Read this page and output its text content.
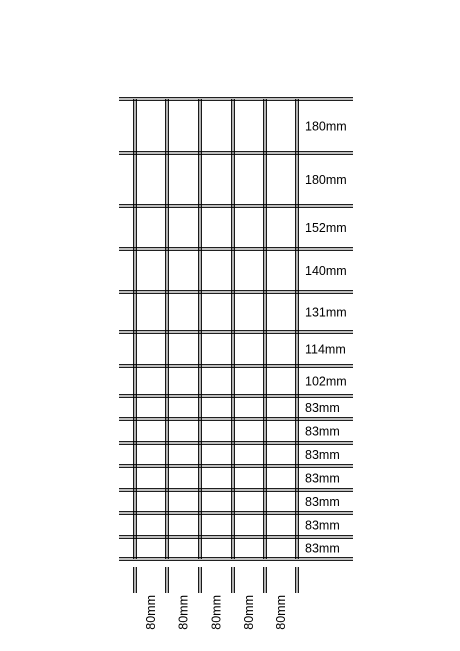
180mm
180mm
152mm
140mm
131mm
114mm
102mm
83mm
83mm
83mm
83mm
83mm
83mm
83mm
80mm 80mm 80mm 80mm 80mm
